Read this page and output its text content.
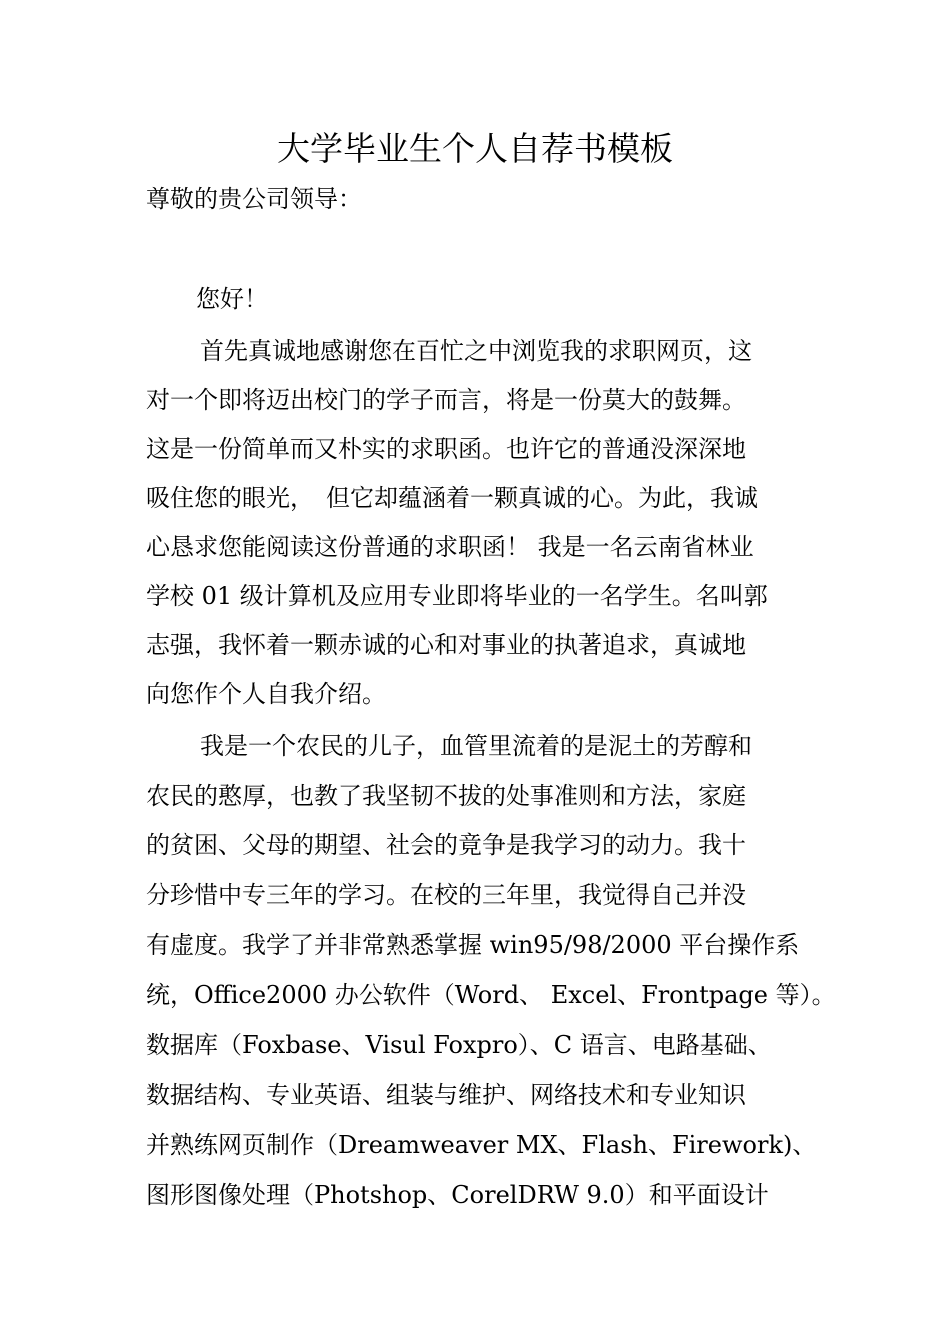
大学毕业生个人自荐书模板
尊敬的贵公司领导：
您好！
　首先真诚地感谢您在百忙之中浏览我的求职网页，这
对一个即将迈出校门的学子而言，将是一份莫大的鼓舞。
这是一份简单而又朴实的求职函。也许它的普通没深深地
吸住您的眼光，　但它却蕴涵着一颗真诚的心。为此，我诚
心恳求您能阅读这份普通的求职函！ 我是一名云南省林业
学校 01 级计算机及应用专业即将毕业的一名学生。名叫郭
志强，我怀着一颗赤诚的心和对事业的执著追求，真诚地
向您作个人自我介绍。
　我是一个农民的儿子，血管里流着的是泥土的芳醇和
农民的憨厚，也教了我坚韧不拔的处事准则和方法，家庭
的贫困、父母的期望、社会的竟争是我学习的动力。我十
分珍惜中专三年的学习。在校的三年里，我觉得自己并没
有虚度。我学了并非常熟悉掌握 win95/98/2000 平台操作系
统，Office2000 办公软件（Word、 Excel、Frontpage 等）。
数据库（Foxbase、Visul Foxpro）、C 语言、电路基础、
数据结构、专业英语、组装与维护、网络技术和专业知识
并熟练网页制作（Dreamweaver MX、Flash、Firework)、
图形图像处理（Photshop、CorelDRW 9.0）和平面设计
